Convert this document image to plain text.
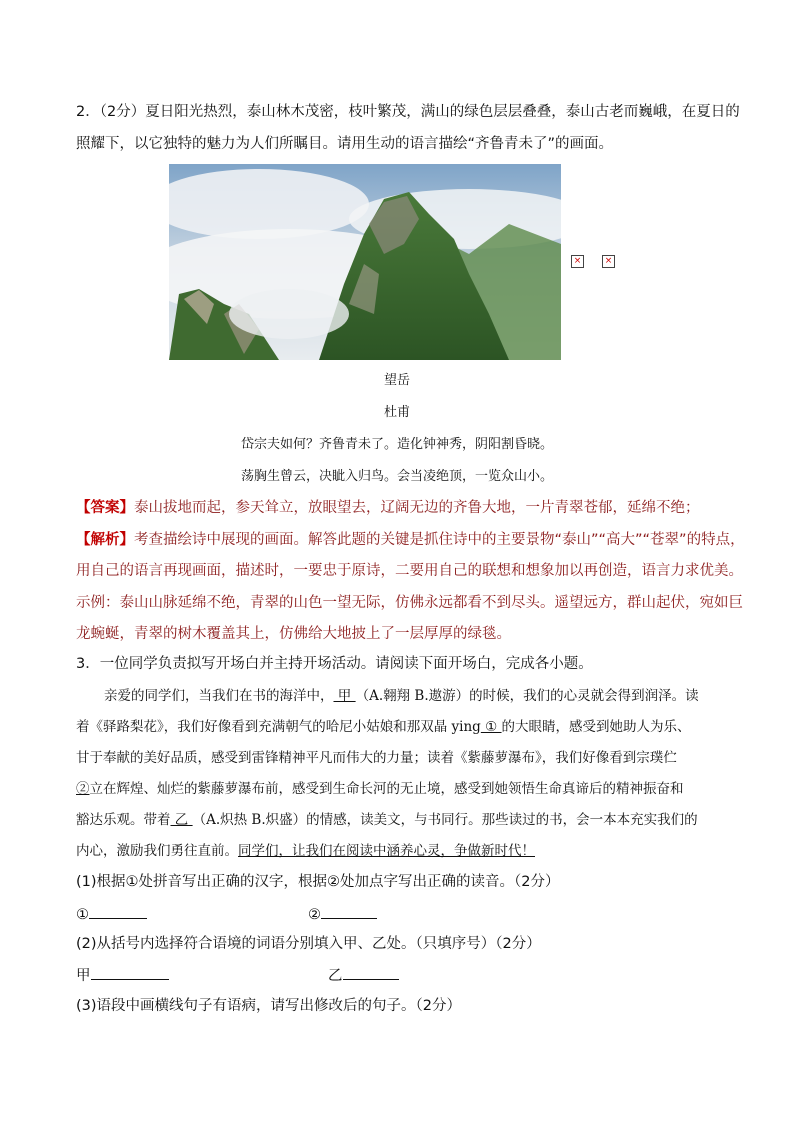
2．（2分）夏日阳光热烈，泰山林木茂密，枝叶繁茂，满山的绿色层层叠叠，泰山古老而巍峨，在夏日的
照耀下，以它独特的魅力为人们所瞩目。请用生动的语言描绘“齐鲁青未了”的画面。
×	×
望岳
杜甫
岱宗夫如何？齐鲁青未了。造化钟神秀，阴阳割昏晓。
荡胸生曾云，决眦入归鸟。会当凌绝顶，一览众山小。
【答案】泰山拔地而起，参天耸立，放眼望去，辽阔无边的齐鲁大地，一片青翠苍郁，延绵不绝；
【解析】考查描绘诗中展现的画面。解答此题的关键是抓住诗中的主要景物“泰山”“高大”“苍翠”的特点，
用自己的语言再现画面，描述时，一要忠于原诗，二要用自己的联想和想象加以再创造，语言力求优美。
示例：泰山山脉延绵不绝，青翠的山色一望无际，仿佛永远都看不到尽头。遥望远方，群山起伏，宛如巨
龙蜿蜒，青翠的树木覆盖其上，仿佛给大地披上了一层厚厚的绿毯。
3．一位同学负责拟写开场白并主持开场活动。请阅读下面开场白，完成各小题。
亲爱的同学们，当我们在书的海洋中， 甲 （A.翱翔 B.遨游）的时候，我们的心灵就会得到润泽。读
着《驿路梨花》，我们好像看到充满朝气的哈尼小姑娘和那双晶 ying ① 的大眼睛，感受到她助人为乐、
甘于奉献的美好品质，感受到雷锋精神平凡而伟大的力量；读着《紫藤萝瀑布》，我们好像看到宗璞伫
②立在辉煌、灿烂的紫藤萝瀑布前，感受到生命长河的无止境，感受到她领悟生命真谛后的精神振奋和
豁达乐观。带着 乙 （A.炽热 B.炽盛）的情感，读美文，与书同行。那些读过的书，会一本本充实我们的
内心，激励我们勇往直前。同学们，让我们在阅读中涵养心灵，争做新时代！
(1)根据①处拼音写出正确的汉字，根据②处加点字写出正确的读音。（2分）
①	②
(2)从括号内选择符合语境的词语分别填入甲、乙处。（只填序号）（2分）
甲	乙
(3)语段中画横线句子有语病，请写出修改后的句子。（2分）
